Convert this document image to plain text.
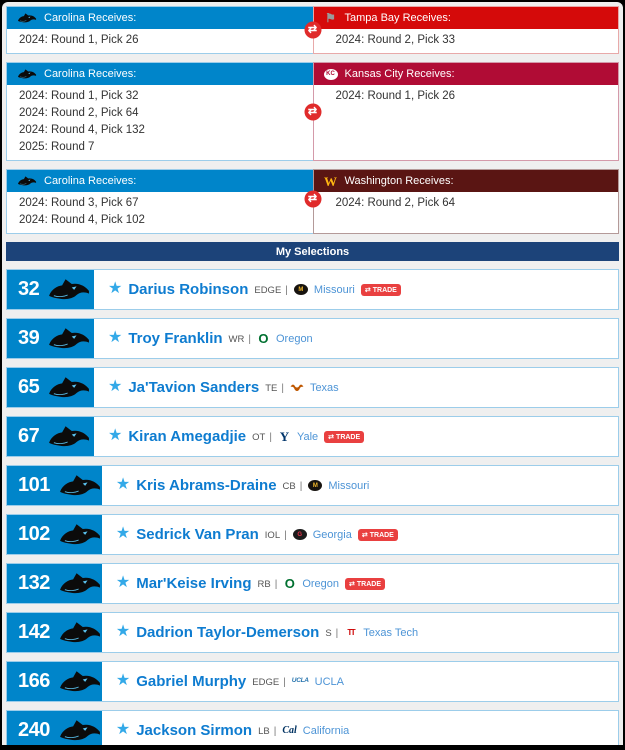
Carolina Receives:
2024: Round 1, Pick 26
⚑ Tampa Bay Receives:
2024: Round 2, Pick 33
⇄
Carolina Receives:
2024: Round 1, Pick 32
2024: Round 2, Pick 64
2024: Round 4, Pick 132
2025: Round 7
KC Kansas City Receives:
2024: Round 1, Pick 26
⇄
Carolina Receives:
2024: Round 3, Pick 67
2024: Round 4, Pick 102
W Washington Receives:
2024: Round 2, Pick 64
⇄
My Selections
32	★ Darius Robinson EDGE |	M Missouri ⇄ TRADE
39	★ Troy Franklin WR | O Oregon
65	★ Ja'Tavion Sanders TE | Texas
67	★ Kiran Amegadjie OT | Y Yale ⇄ TRADE
101	★ Kris Abrams-Draine CB |	M Missouri
102	★ Sedrick Van Pran IOL |	G Georgia ⇄ TRADE
132	★ Mar'Keise Irving RB | O Oregon ⇄ TRADE
142	★ Dadrion Taylor-Demerson S | TT Texas Tech
166	★ Gabriel Murphy EDGE | UCLA UCLA
240	★ Jackson Sirmon LB | Cal California
